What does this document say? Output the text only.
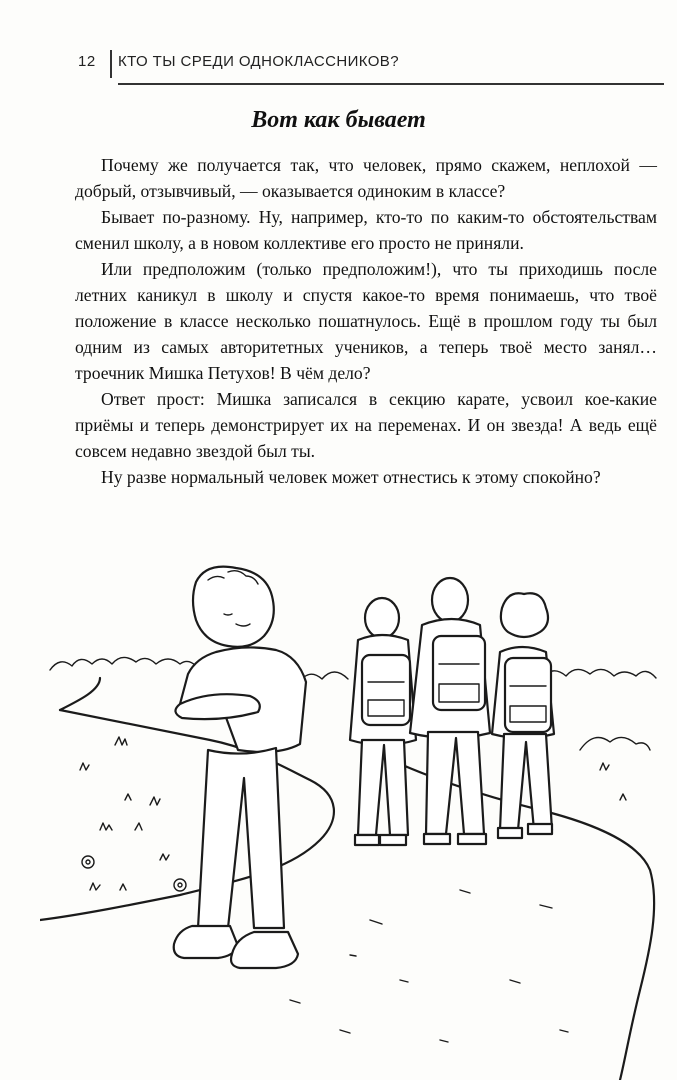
12 КТО ТЫ СРЕДИ ОДНОКЛАССНИКОВ?
Вот как бывает

Почему же получается так, что человек, прямо скажем, неплохой — добрый, отзывчивый, — оказывается одиноким в классе?

Бывает по-разному. Ну, например, кто-то по каким-то обстоятельствам сменил школу, а в новом коллективе его просто не приняли.

Или предположим (только предположим!), что ты приходишь после летних каникул в школу и спустя какое-то время понимаешь, что твоё положение в классе несколько пошатнулось. Ещё в прошлом году ты был одним из самых авторитетных учеников, а теперь твоё место занял… троечник Мишка Петухов! В чём дело?

Ответ прост: Мишка записался в секцию карате, усвоил кое-какие приёмы и теперь демонстрирует их на переменах. И он звезда! А ведь ещё совсем недавно звездой был ты.

Ну разве нормальный человек может отнестись к этому спокойно?
